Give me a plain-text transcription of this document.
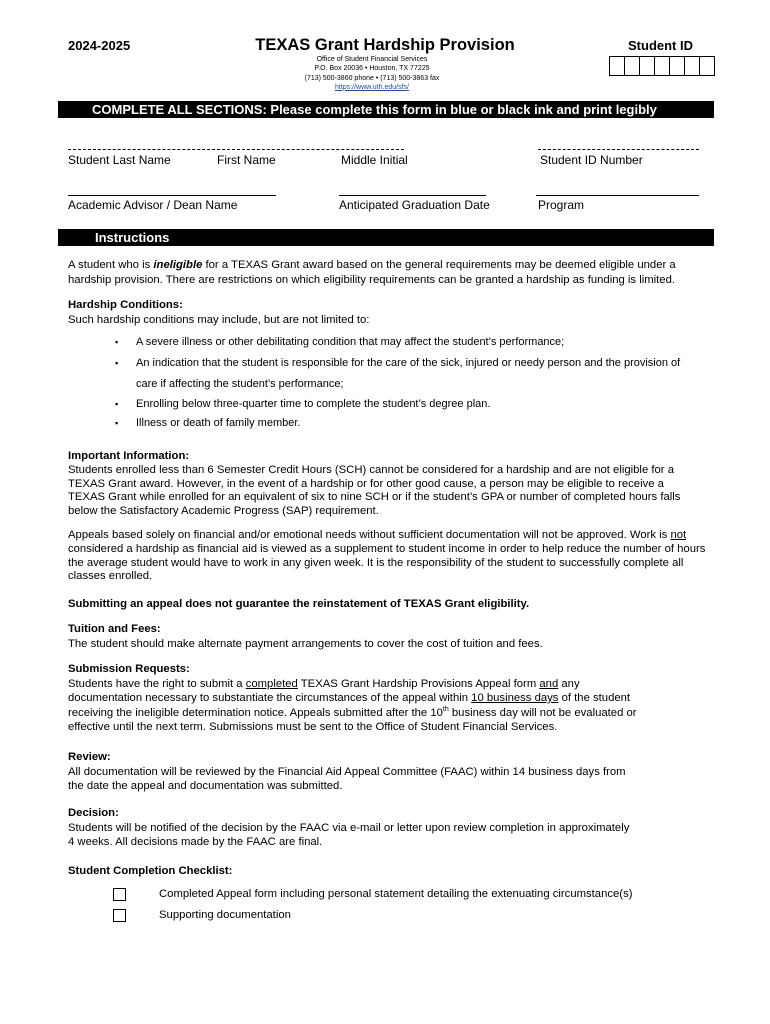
2024-2025	TEXAS Grant Hardship Provision	Student ID
Office of Student Financial Services
P.O. Box 20036 • Houston, TX 77225
(713) 500-3860 phone • (713) 500-3863 fax
https://www.uth.edu/sfs/
COMPLETE ALL SECTIONS: Please complete this form in blue or black ink and print legibly
Student Last Name	First Name	Middle Initial	Student ID Number
Academic Advisor / Dean Name	Anticipated Graduation Date	Program
Instructions
A student who is ineligible for a TEXAS Grant award based on the general requirements may be deemed eligible under a
hardship provision. There are restrictions on which eligibility requirements can be granted a hardship as funding is limited.
Hardship Conditions:
Such hardship conditions may include, but are not limited to:
▪ A severe illness or other debilitating condition that may affect the student’s performance;
▪ An indication that the student is responsible for the care of the sick, injured or needy person and the provision of
care if affecting the student’s performance;
▪ Enrolling below three-quarter time to complete the student’s degree plan.
▪ Illness or death of family member.
Important Information:
Students enrolled less than 6 Semester Credit Hours (SCH) cannot be considered for a hardship and are not eligible for a
TEXAS Grant award. However, in the event of a hardship or for other good cause, a person may be eligible to receive a
TEXAS Grant while enrolled for an equivalent of six to nine SCH or if the student’s GPA or number of completed hours falls
below the Satisfactory Academic Progress (SAP) requirement.
Appeals based solely on financial and/or emotional needs without sufficient documentation will not be approved. Work is not
considered a hardship as financial aid is viewed as a supplement to student income in order to help reduce the number of hours
the average student would have to work in any given week. It is the responsibility of the student to successfully complete all
classes enrolled.
Submitting an appeal does not guarantee the reinstatement of TEXAS Grant eligibility.
Tuition and Fees:
The student should make alternate payment arrangements to cover the cost of tuition and fees.
Submission Requests:
Students have the right to submit a completed TEXAS Grant Hardship Provisions Appeal form and any
documentation necessary to substantiate the circumstances of the appeal within 10 business days of the student
receiving the ineligible determination notice. Appeals submitted after the 10th business day will not be evaluated or
effective until the next term. Submissions must be sent to the Office of Student Financial Services.
Review:
All documentation will be reviewed by the Financial Aid Appeal Committee (FAAC) within 14 business days from
the date the appeal and documentation was submitted.
Decision:
Students will be notified of the decision by the FAAC via e-mail or letter upon review completion in approximately
4 weeks. All decisions made by the FAAC are final.
Student Completion Checklist:
Completed Appeal form including personal statement detailing the extenuating circumstance(s)
Supporting documentation
